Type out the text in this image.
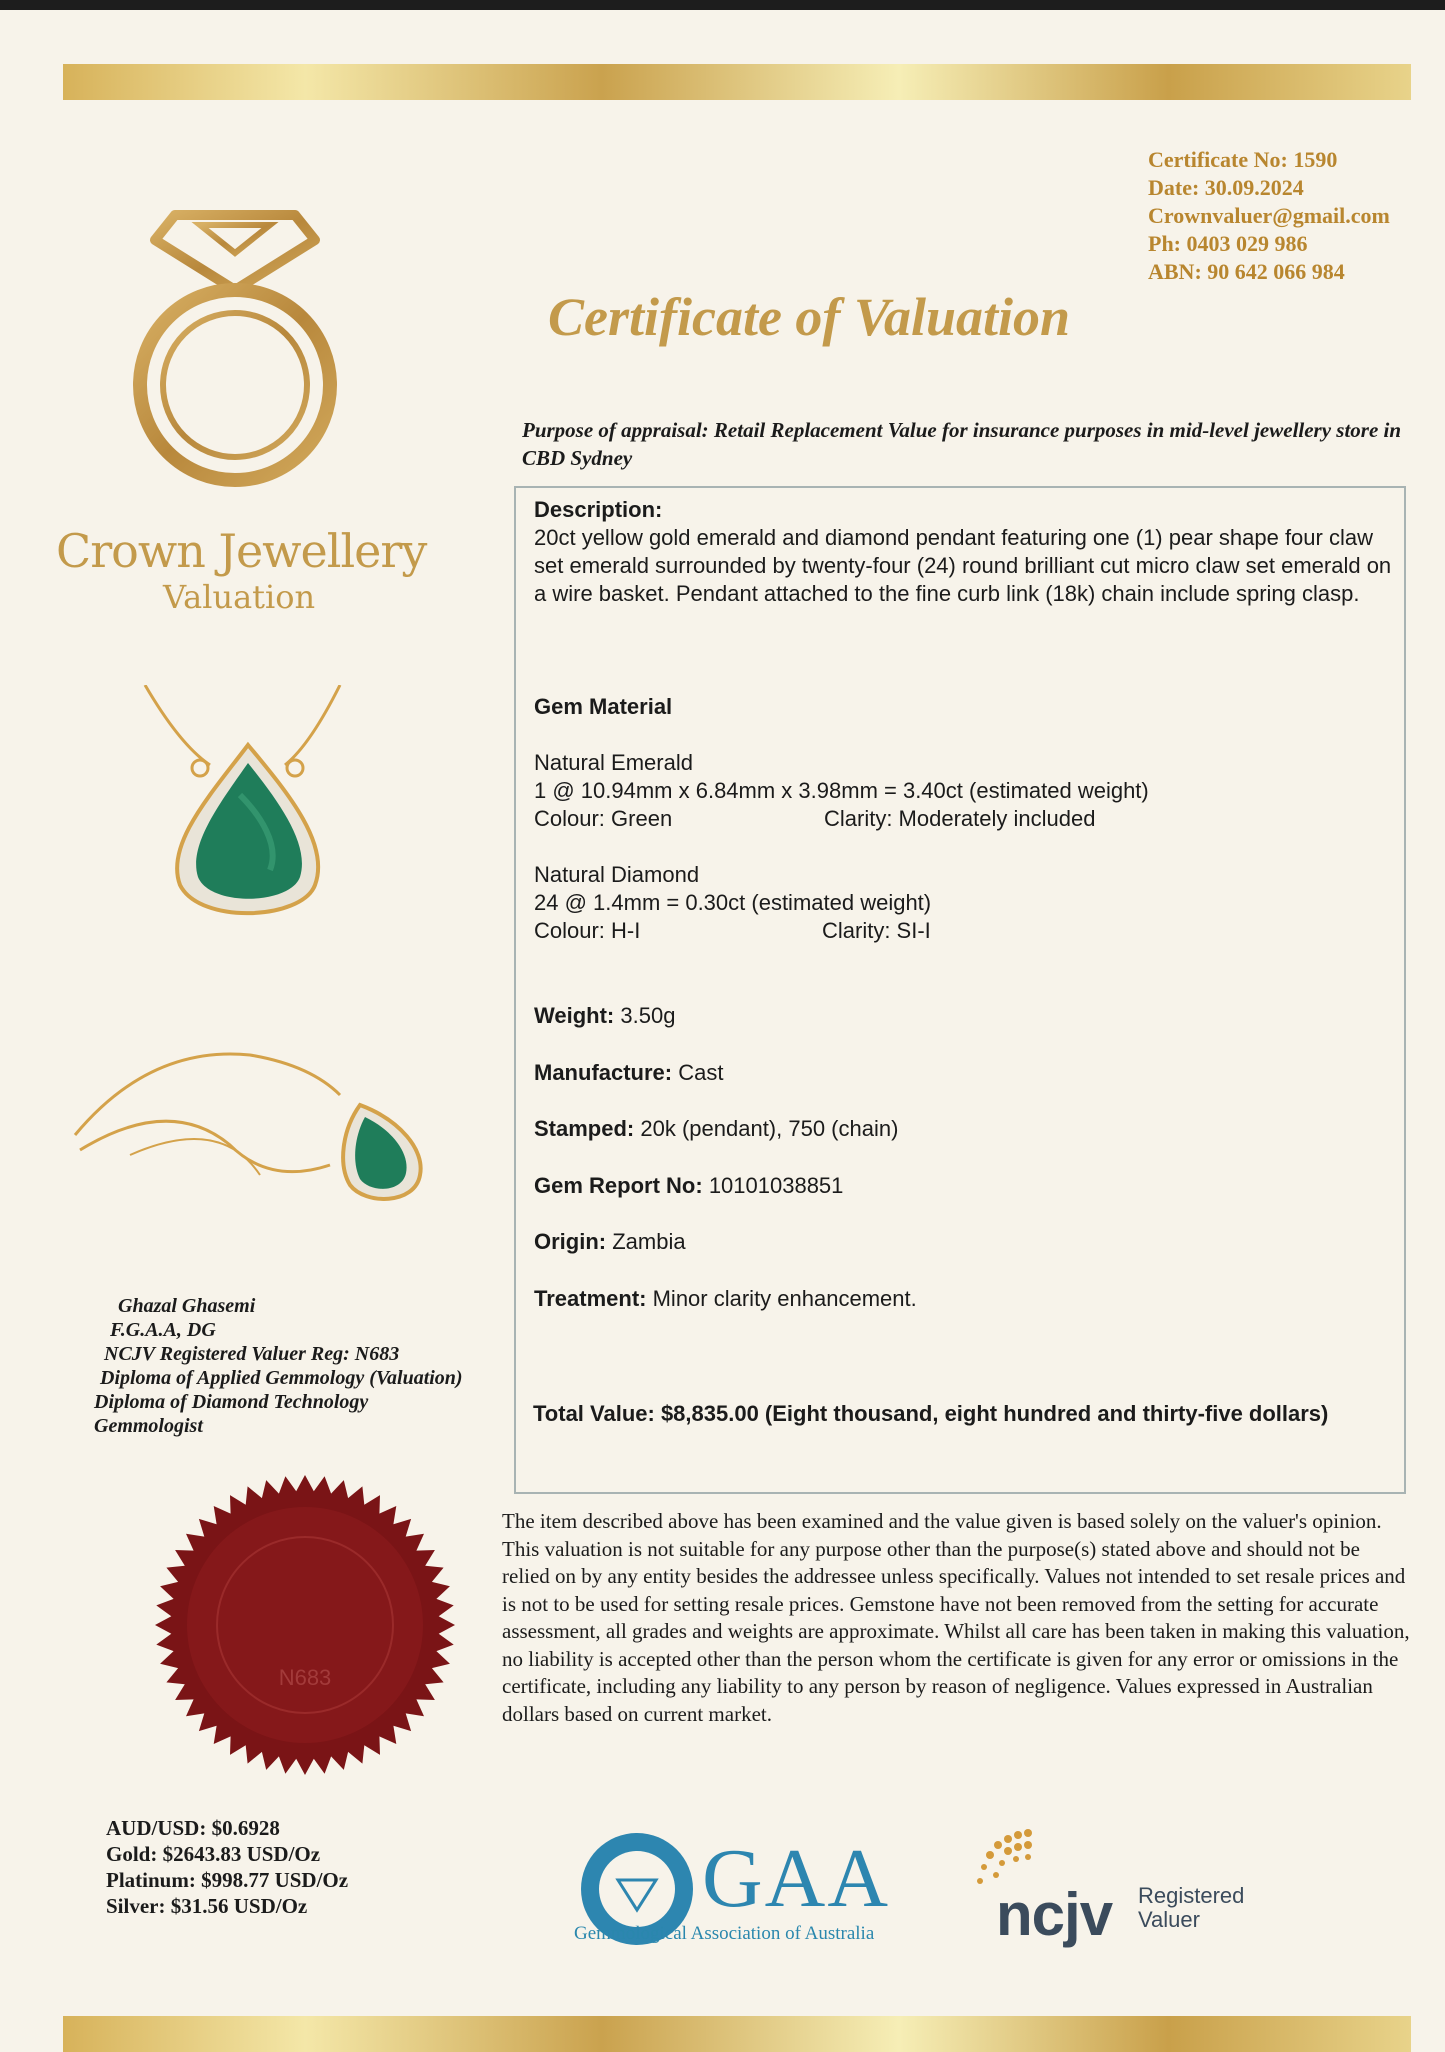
Crown Jewellery
Valuation
Certificate No: 1590
Date: 30.09.2024
Crownvaluer@gmail.com
Ph: 0403 029 986
ABN: 90 642 066 984
Certificate of Valuation
Purpose of appraisal: Retail Replacement Value for insurance purposes in mid-level jewellery store in CBD Sydney
Ghazal Ghasemi
F.G.A.A, DG
NCJV Registered Valuer Reg: N683
Diploma of Applied Gemmology (Valuation)
Diploma of Diamond Technology
Gemmologist
N683
Description:
20ct yellow gold emerald and diamond pendant featuring one (1) pear shape four claw set emerald surrounded by twenty-four (24) round brilliant cut micro claw set emerald on a wire basket. Pendant attached to the fine curb link (18k) chain include spring clasp.
Gem Material
Natural Emerald
1 @ 10.94mm x 6.84mm x 3.98mm = 3.40ct (estimated weight)
Colour: Green	Clarity: Moderately included
Natural Diamond
24 @ 1.4mm = 0.30ct (estimated weight)
Colour: H-I	Clarity: SI-I
Weight: 3.50g
Manufacture: Cast
Stamped: 20k (pendant), 750 (chain)
Gem Report No: 10101038851
Origin: Zambia
Treatment: Minor clarity enhancement.
Total Value: $8,835.00 (Eight thousand, eight hundred and thirty-five dollars)
The item described above has been examined and the value given is based solely on the valuer's opinion. This valuation is not suitable for any purpose other than the purpose(s) stated above and should not be relied on by any entity besides the addressee unless specifically. Values not intended to set resale prices and is not to be used for setting resale prices. Gemstone have not been removed from the setting for accurate assessment, all grades and weights are approximate. Whilst all care has been taken in making this valuation, no liability is accepted other than the person whom the certificate is given for any error or omissions in the certificate, including any liability to any person by reason of negligence. Values expressed in Australian dollars based on current market.
AUD/USD: $0.6928
Gold: $2643.83 USD/Oz
Platinum: $998.77 USD/Oz
Silver: $31.56 USD/Oz	GAA
Gemmological Association of Australia	ncjv Registered
Valuer
